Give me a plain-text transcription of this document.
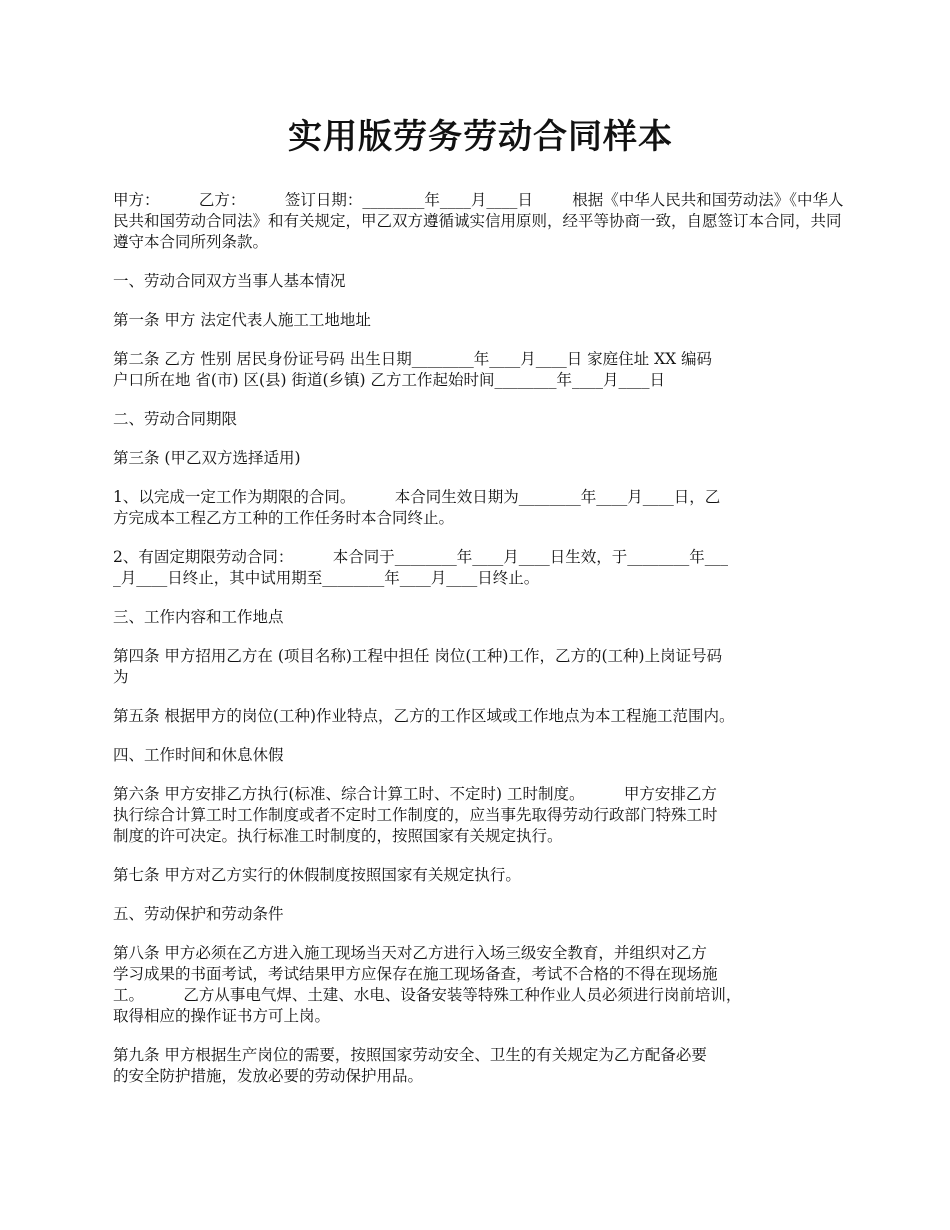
实用版劳务劳动合同样本

甲方：        乙方：        签订日期：________年____月____日        根据《中华人民共和国劳动法》《中华人民共和国劳动合同法》和有关规定，甲乙双方遵循诚实信用原则，经平等协商一致，自愿签订本合同，共同遵守本合同所列条款。

一、劳动合同双方当事人基本情况

第一条 甲方 法定代表人施工工地地址

第二条 乙方 性别 居民身份证号码 出生日期________年____月____日 家庭住址 XX 编码
户口所在地 省(市) 区(县) 街道(乡镇) 乙方工作起始时间________年____月____日

二、劳动合同期限

第三条 (甲乙双方选择适用)

1、以完成一定工作为期限的合同。        本合同生效日期为________年____月____日，乙
方完成本工程乙方工种的工作任务时本合同终止。

2、有固定期限劳动合同：        本合同于________年____月____日生效，于________年___
_月____日终止，其中试用期至________年____月____日终止。

三、工作内容和工作地点

第四条 甲方招用乙方在 (项目名称)工程中担任 岗位(工种)工作，乙方的(工种)上岗证号码
为

第五条 根据甲方的岗位(工种)作业特点，乙方的工作区域或工作地点为本工程施工范围内。

四、工作时间和休息休假

第六条 甲方安排乙方执行(标准、综合计算工时、不定时) 工时制度。        甲方安排乙方
执行综合计算工时工作制度或者不定时工作制度的，应当事先取得劳动行政部门特殊工时
制度的许可决定。执行标准工时制度的，按照国家有关规定执行。

第七条 甲方对乙方实行的休假制度按照国家有关规定执行。

五、劳动保护和劳动条件

第八条 甲方必须在乙方进入施工现场当天对乙方进行入场三级安全教育，并组织对乙方
学习成果的书面考试，考试结果甲方应保存在施工现场备查，考试不合格的不得在现场施
工。        乙方从事电气焊、土建、水电、设备安装等特殊工种作业人员必须进行岗前培训，
取得相应的操作证书方可上岗。

第九条 甲方根据生产岗位的需要，按照国家劳动安全、卫生的有关规定为乙方配备必要
的安全防护措施，发放必要的劳动保护用品。
